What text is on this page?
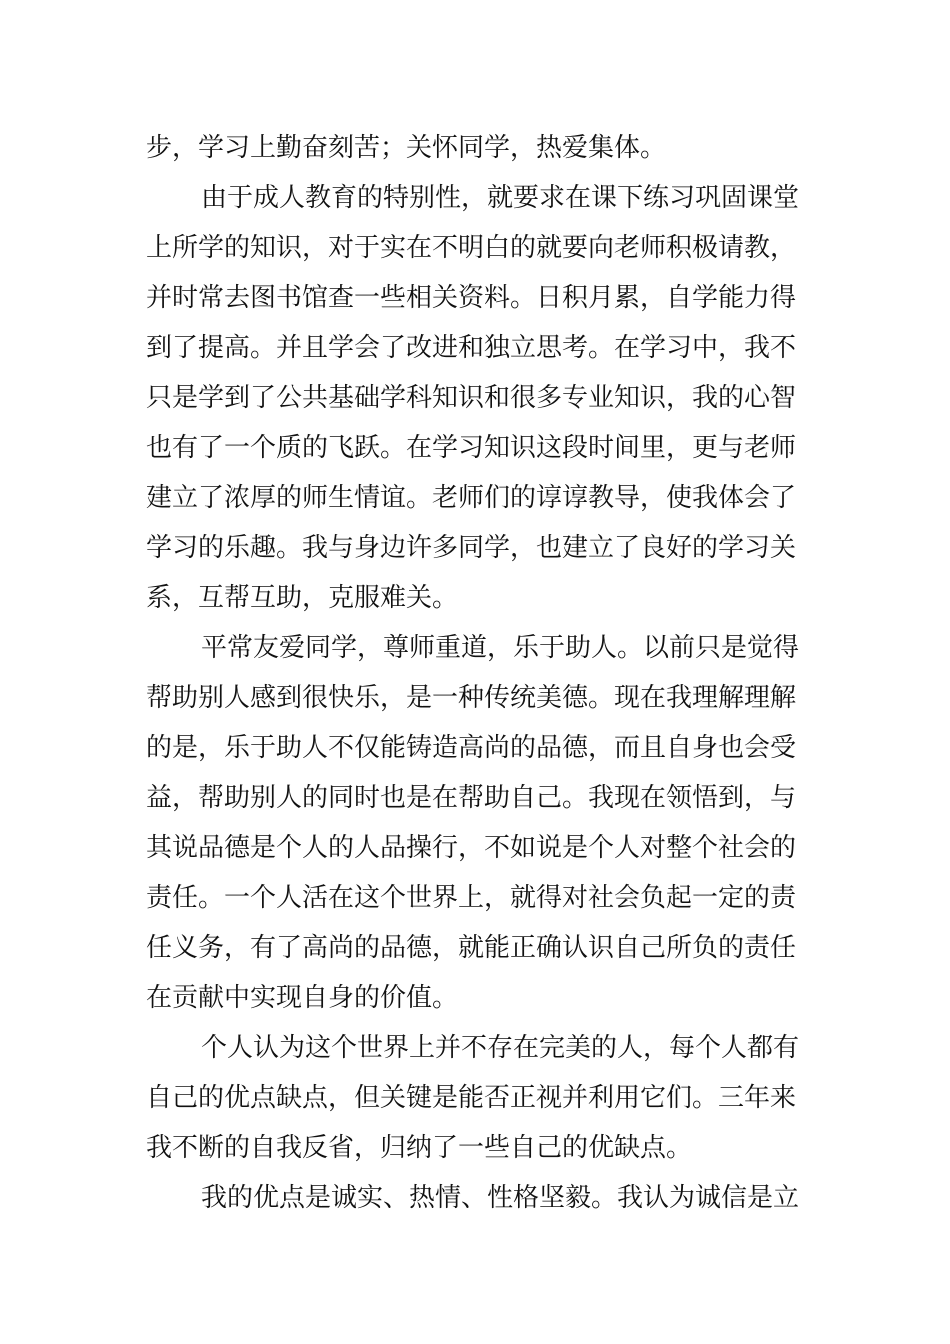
步，学习上勤奋刻苦；关怀同学，热爱集体。
由于成人教育的特别性，就要求在课下练习巩固课堂
上所学的知识，对于实在不明白的就要向老师积极请教，
并时常去图书馆查一些相关资料。日积月累，自学能力得
到了提高。并且学会了改进和独立思考。在学习中，我不
只是学到了公共基础学科知识和很多专业知识，我的心智
也有了一个质的飞跃。在学习知识这段时间里，更与老师
建立了浓厚的师生情谊。老师们的谆谆教导，使我体会了
学习的乐趣。我与身边许多同学，也建立了良好的学习关
系，互帮互助，克服难关。
平常友爱同学，尊师重道，乐于助人。以前只是觉得
帮助别人感到很快乐，是一种传统美德。现在我理解理解
的是，乐于助人不仅能铸造高尚的品德，而且自身也会受
益，帮助别人的同时也是在帮助自己。我现在领悟到，与
其说品德是个人的人品操行，不如说是个人对整个社会的
责任。一个人活在这个世界上，就得对社会负起一定的责
任义务，有了高尚的品德，就能正确认识自己所负的责任
在贡献中实现自身的价值。
个人认为这个世界上并不存在完美的人，每个人都有
自己的优点缺点，但关键是能否正视并利用它们。三年来
我不断的自我反省，归纳了一些自己的优缺点。
我的优点是诚实、热情、性格坚毅。我认为诚信是立
